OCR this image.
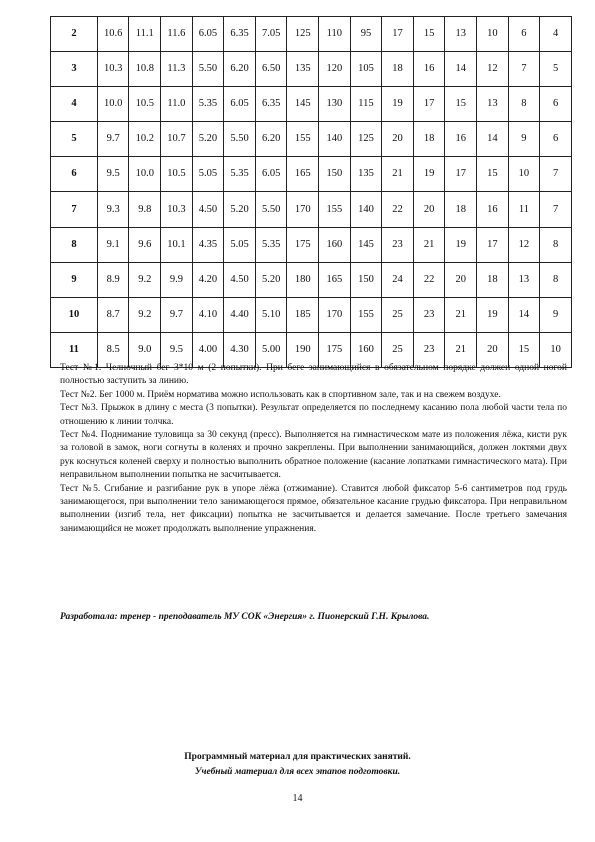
2	10.6	11.1	11.6	6.05	6.35	7.05	125	110	95	17	15	13	10	6	4
3	10.3	10.8	11.3	5.50	6.20	6.50	135	120	105	18	16	14	12	7	5
4	10.0	10.5	11.0	5.35	6.05	6.35	145	130	115	19	17	15	13	8	6
5	9.7	10.2	10.7	5.20	5.50	6.20	155	140	125	20	18	16	14	9	6
6	9.5	10.0	10.5	5.05	5.35	6.05	165	150	135	21	19	17	15	10	7
7	9.3	9.8	10.3	4.50	5.20	5.50	170	155	140	22	20	18	16	11	7
8	9.1	9.6	10.1	4.35	5.05	5.35	175	160	145	23	21	19	17	12	8
9	8.9	9.2	9.9	4.20	4.50	5.20	180	165	150	24	22	20	18	13	8
10	8.7	9.2	9.7	4.10	4.40	5.10	185	170	155	25	23	21	19	14	9
11	8.5	9.0	9.5	4.00	4.30	5.00	190	175	160	25	23	21	20	15	10

Тест №1. Челночный бег 3*10 м (2 попытки). При беге занимающийся в обязательном порядке должен одной ногой полностью заступить за линию.

Тест №2. Бег 1000 м. Приём норматива можно использовать как в спортивном зале, так и на свежем воздухе.

Тест №3. Прыжок в длину с места (3 попытки). Результат определяется по последнему касанию пола любой части тела по отношению к линии толчка.

Тест №4. Поднимание туловища за 30 секунд (пресс). Выполняется на гимнастическом мате из положения лёжа, кисти рук за головой в замок, ноги согнуты в коленях и прочно закреплены. При выполнении занимающийся, должен локтями двух рук коснуться коленей сверху и полностью выполнить обратное положение (касание лопатками гимнастического мата). При неправильном выполнении попытка не засчитывается.

Тест №5. Сгибание и разгибание рук в упоре лёжа (отжимание). Ставится любой фиксатор 5-6 сантиметров под грудь занимающегося, при выполнении тело занимающегося прямое, обязательное касание грудью фиксатора. При неправильном выполнении (изгиб тела, нет фиксации) попытка не засчитывается и делается замечание. После третьего замечания занимающийся не может продолжать выполнение упражнения.

Разработала: тренер - преподаватель МУ СОК «Энергия» г. Пионерский Г.Н. Крылова.
Программный материал для практических занятий.
Учебный материал для всех этапов подготовки.
14
